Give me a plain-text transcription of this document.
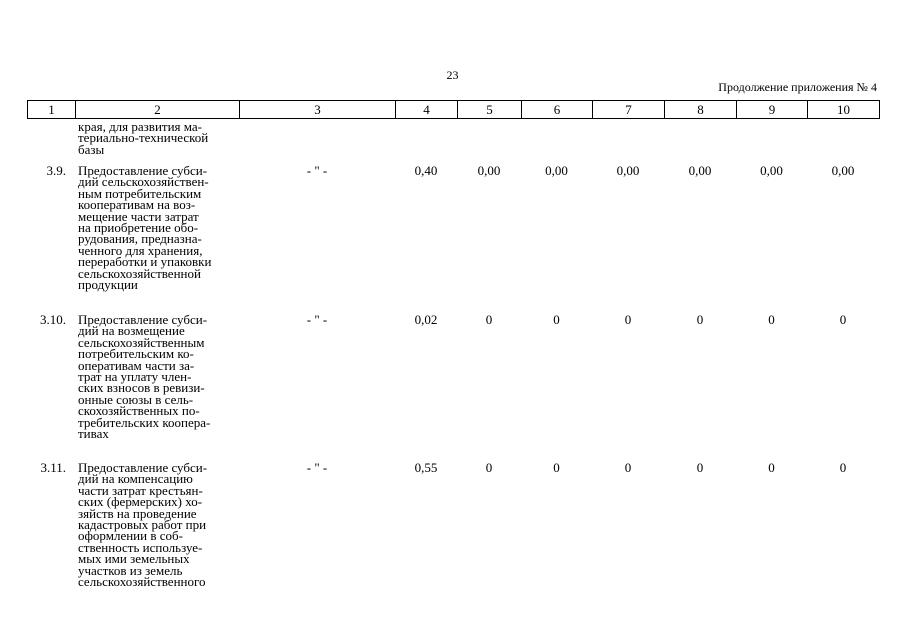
23
Продолжение приложения № 4
1	2	3	4	5	6	7	8	9	10
края, для развития ма-
териально-технической
базы
3.9. Предоставление субси-
дий сельскохозяйствен-
ным потребительским
кооперативам на воз-
мещение части затрат
на приобретение обо-
рудования, предназна-
ченного для хранения,
переработки и упаковки
сельскохозяйственной
продукции
- " -	0,40	0,00	0,00	0,00	0,00	0,00	0,00
3.10. Предоставление субси-
дий на возмещение
сельскохозяйственным
потребительским ко-
оперативам части за-
трат на уплату член-
ских взносов в ревизи-
онные союзы в сель-
скохозяйственных по-
требительских коопера-
тивах
- " -	0,02	0	0	0	0	0	0
3.11. Предоставление субси-
дий на компенсацию
части затрат крестьян-
ских (фермерских) хо-
зяйств на проведение
кадастровых работ при
оформлении в соб-
ственность используе-
мых ими земельных
участков из земель
сельскохозяйственного
- " -	0,55	0	0	0	0	0	0
